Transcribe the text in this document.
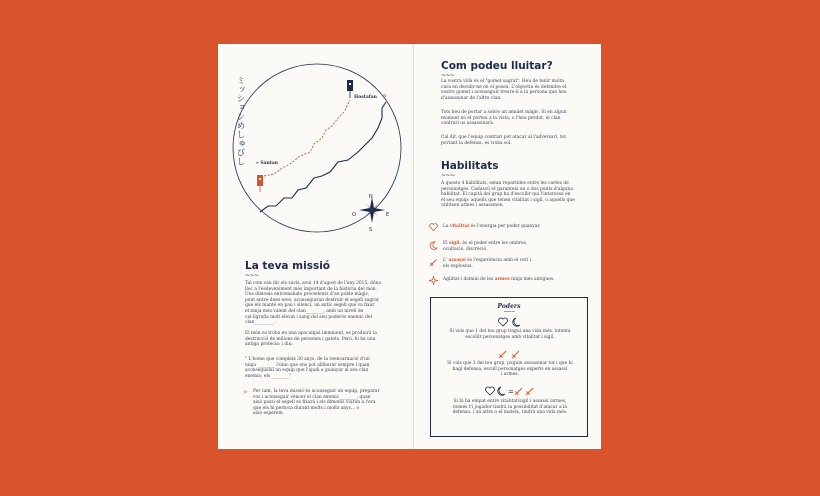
«
ミッションめしゅびし	Hostafan
» Santan
N
S
O	E
La teva missió
~~~
Tal com van dir els savis, avui 14 d'agost de l'any 2015, dóna
lloc a l'esdeveniment més important de la història del món.
Uns dimonis entremaliats procedents d'un poble màgic,
pont entre dues eres, aconseguiran destruir el segell sagrat
que els manté en pau i silenci, un antic segell que va fixar
el ninja més valent del clan________; amb un nivell de
cal·ligrafia molt elevat i sang del seu poderós enemic del
clan_________.
El món es troba en una apocalipsi imminent, es produirà la
destrucció de milions de persones i gatets. Però, hi ha una
antiga profecia: i diu:
" L'home que compleix 30 anys, de la reencarnació d'un
ninja ________ l'únic que ens pot alliberar sempre i quan
aconsegueixi un equip que l'ajudi a guanyar al seu clan
enemic: els ________"
» Per tant, la teva missió és aconseguir un equip, preparar
vos i aconseguir vèncer el clan enemic________, quan
això passi el segell es fixarà i els dimonis viuran a l'era
que els hi pertoca durant molts i molts anys... o
això esperem.
Com podeu lluitar?
~~~
La vostra vida és el "gomet sagrat". Heu de tenir molta
cura en decidir-ne on el poseu. L'objectiu és defendre el
vostre gomet i aconseguir treure-li a la persona que heu
d'assassinar de l'altre clan.
Tots heu de portar a sobre un amulet màgic. Si en algun
moment no el porteu a la vista, o l'heu perdut, el clan
contrari us assassinarà.
Cal dir, que l'equip contrari pot atacar al l'adversari, tot
portant la defensa, es troba sol.
Habilitats
~~~
A quests 4 habilitats, estan repartides entre les cartes de
personatges. Cadascú et garanteix un o dos punts d'alguna
habilitat. El capità del grup ha d'escollir qui l'interessa en
el seu equip: aquells que tenen vitalitat i sigil, o aquells que
utilitzen armes i assassinen.
La vitalitat és l'energia per poder guanyar.
El sigil, és el poder entre les ombres,
ocultació, discreció.
L' assassí és l'experiència amb el verí i
els explosius.
Agilitat i domini de les armes ninja més antigues.
Poders
~~~
Si vols que 1 del teu grup tingui una vida més, intenta
escollir personatges amb vitalitat i sigil.
Si vols que 3 del teu grup, puguin assassinar tot i que hi
hagi defensa, escull personatges experts en assassí
i armes.
=
Si hi ha empat entre vitalitat/sigil i assassí /armes,
només t'i jugador tindrà la possibilitat d'atacar a la
defensa, i un altre o el mateix, tindrà una vida més.
